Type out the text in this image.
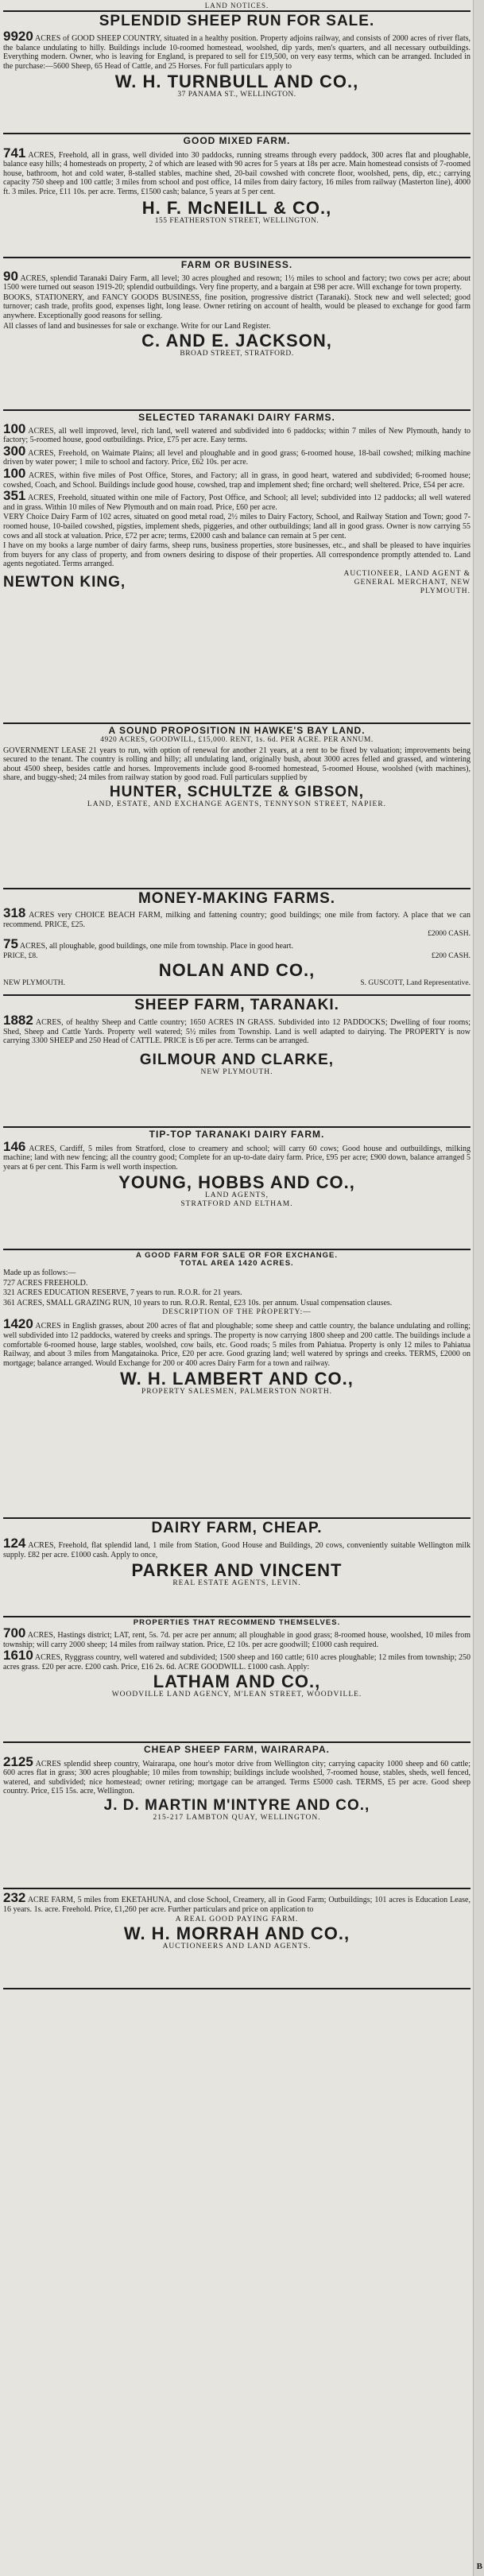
B
LAND NOTICES.
SPLENDID SHEEP RUN FOR SALE.
9920 ACRES of GOOD SHEEP COUNTRY, situated in a healthy position. Property adjoins railway, and consists of 2000 acres of river flats, the balance undulating to hilly. Buildings include 10-roomed homestead, woolshed, dip yards, men's quarters, and all necessary outbuildings. Everything modern. Owner, who is leaving for England, is prepared to sell for £19,500, on very easy terms, which can be arranged. Included in the purchase:—5600 Sheep, 65 Head of Cattle, and 25 Horses. For full particulars apply to
W. H. TURNBULL AND CO.,
37 PANAMA ST., WELLINGTON.
GOOD MIXED FARM.
741 ACRES, Freehold, all in grass, well divided into 30 paddocks, running streams through every paddock, 300 acres flat and ploughable, balance easy hills; 4 homesteads on property, 2 of which are leased with 90 acres for 5 years at 18s per acre. Main homestead consists of 7-roomed house, bathroom, hot and cold water, 8-stalled stables, machine shed, 20-bail cowshed with concrete floor, woolshed, pens, dip, etc.; carrying capacity 750 sheep and 100 cattle; 3 miles from school and post office, 14 miles from dairy factory, 16 miles from railway (Masterton line), 4000 ft. 3 miles. Price, £11 10s. per acre. Terms, £1500 cash; balance, 5 years at 5 per cent.
H. F. McNEILL & CO.,
155 FEATHERSTON STREET, WELLINGTON.
FARM OR BUSINESS.
90 ACRES, splendid Taranaki Dairy Farm, all level; 30 acres ploughed and resown; 1½ miles to school and factory; two cows per acre; about 1500 were turned out season 1919-20; splendid outbuildings. Very fine property, and a bargain at £98 per acre. Will exchange for town property.
BOOKS, STATIONERY, and FANCY GOODS BUSINESS, fine position, progressive district (Taranaki). Stock new and well selected; good turnover; cash trade, profits good, expenses light, long lease. Owner retiring on account of health, would be pleased to exchange for good farm anywhere. Exceptionally good reasons for selling.
All classes of land and businesses for sale or exchange. Write for our Land Register.
C. AND E. JACKSON,
BROAD STREET, STRATFORD.
SELECTED TARANAKI DAIRY FARMS.
100 ACRES, all well improved, level, rich land, well watered and subdivided into 6 paddocks; within 7 miles of New Plymouth, handy to factory; 5-roomed house, good outbuildings. Price, £75 per acre. Easy terms.
300 ACRES, Freehold, on Waimate Plains; all level and ploughable and in good grass; 6-roomed house, 18-bail cowshed; milking machine driven by water power; 1 mile to school and factory. Price, £62 10s. per acre.
100 ACRES, within five miles of Post Office, Stores, and Factory; all in grass, in good heart, watered and subdivided; 6-roomed house; cowshed, Coach, and School. Buildings include good house, cowshed, trap and implement shed; fine orchard; well sheltered. Price, £54 per acre.
351 ACRES, Freehold, situated within one mile of Factory, Post Office, and School; all level; subdivided into 12 paddocks; all well watered and in grass. Within 10 miles of New Plymouth and on main road. Price, £60 per acre.
VERY Choice Dairy Farm of 102 acres, situated on good metal road, 2½ miles to Dairy Factory, School, and Railway Station and Town; good 7-roomed house, 10-bailed cowshed, pigsties, implement sheds, piggeries, and other outbuildings; land all in good grass. Owner is now carrying 55 cows and all stock at valuation. Price, £72 per acre; terms, £2000 cash and balance can remain at 5 per cent.
I have on my books a large number of dairy farms, sheep runs, business properties, store businesses, etc., and shall be pleased to have inquiries from buyers for any class of property, and from owners desiring to dispose of their properties. All correspondence promptly attended to. Land agents negotiated. Terms arranged.
NEWTON KING,
AUCTIONEER, LAND AGENT & GENERAL MERCHANT, NEW PLYMOUTH.
A SOUND PROPOSITION IN HAWKE'S BAY LAND.
4920 ACRES, GOODWILL, £15,000. RENT, 1s. 6d. PER ACRE. PER ANNUM.
GOVERNMENT LEASE 21 years to run, with option of renewal for another 21 years, at a rent to be fixed by valuation; improvements being secured to the tenant. The country is rolling and hilly; all undulating land, originally bush, about 3000 acres felled and grassed, and wintering about 4500 sheep, besides cattle and horses. Improvements include good 8-roomed homestead, 5-roomed House, woolshed (with machines), share, and buggy-shed; 24 miles from railway station by good road. Full particulars supplied by
HUNTER, SCHULTZE & GIBSON,
LAND, ESTATE, AND EXCHANGE AGENTS, TENNYSON STREET, NAPIER.
MONEY-MAKING FARMS.
318 ACRES very CHOICE BEACH FARM, milking and fattening country; good buildings; one mile from factory. A place that we can recommend. PRICE, £25.
£2000 CASH.
75 ACRES, all ploughable, good buildings, one mile from township. Place in good heart.
PRICE, £8.	£200 CASH.
NOLAN AND CO.,
NEW PLYMOUTH.	S. GUSCOTT, Land Representative.
SHEEP FARM, TARANAKI.
1882 ACRES, of healthy Sheep and Cattle country; 1650 ACRES IN GRASS. Subdivided into 12 PADDOCKS; Dwelling of four rooms; Shed, Sheep and Cattle Yards. Property well watered; 5½ miles from Township. Land is well adapted to dairying. The PROPERTY is now carrying 3300 SHEEP and 250 Head of CATTLE. PRICE is £6 per acre. Terms can be arranged.
GILMOUR AND CLARKE,
NEW PLYMOUTH.
TIP-TOP TARANAKI DAIRY FARM.
146 ACRES, Cardiff, 5 miles from Stratford, close to creamery and school; will carry 60 cows; Good house and outbuildings, milking machine; land with new fencing; all the country good; Complete for an up-to-date dairy farm. Price, £95 per acre; £900 down, balance arranged 5 years at 6 per cent. This Farm is well worth inspection.
YOUNG, HOBBS AND CO.,
LAND AGENTS,
STRATFORD AND ELTHAM.
A GOOD FARM FOR SALE OR FOR EXCHANGE.
TOTAL AREA 1420 ACRES.
Made up as follows:—
727 ACRES FREEHOLD.
321 ACRES EDUCATION RESERVE, 7 years to run. R.O.R. for 21 years.
361 ACRES, SMALL GRAZING RUN, 10 years to run. R.O.R. Rental, £23 10s. per annum. Usual compensation clauses.
DESCRIPTION OF THE PROPERTY:—
1420 ACRES in English grasses, about 200 acres of flat and ploughable; some sheep and cattle country, the balance undulating and rolling; well subdivided into 12 paddocks, watered by creeks and springs. The property is now carrying 1800 sheep and 200 cattle. The buildings include a comfortable 6-roomed house, large stables, woolshed, cow bails, etc. Good roads; 5 miles from Pahiatua. Property is only 12 miles to Pahiatua Railway, and about 3 miles from Mangatainoka. Price, £20 per acre. Good grazing land; well watered by springs and creeks. TERMS, £2000 on mortgage; balance arranged. Would Exchange for 200 or 400 acres Dairy Farm for a town and railway.
W. H. LAMBERT AND CO.,
PROPERTY SALESMEN, PALMERSTON NORTH.
DAIRY FARM, CHEAP.
124 ACRES, Freehold, flat splendid land, 1 mile from Station, Good House and Buildings, 20 cows, conveniently suitable Wellington milk supply. £82 per acre. £1000 cash. Apply to once,
PARKER AND VINCENT
REAL ESTATE AGENTS, LEVIN.
PROPERTIES THAT RECOMMEND THEMSELVES.
700 ACRES, Hastings district; LAT, rent, 5s. 7d. per acre per annum; all ploughable in good grass; 8-roomed house, woolshed, 10 miles from township; will carry 2000 sheep; 14 miles from railway station. Price, £2 10s. per acre goodwill; £1000 cash required.
1610 ACRES, Ryggrass country, well watered and subdivided; 1500 sheep and 160 cattle; 610 acres ploughable; 12 miles from township; 250 acres grass. £20 per acre. £200 cash. Price, £16 2s. 6d. ACRE GOODWILL. £1000 cash. Apply:
LATHAM AND CO.,
WOODVILLE LAND AGENCY, M'LEAN STREET, WOODVILLE.
CHEAP SHEEP FARM, WAIRARAPA.
2125 ACRES splendid sheep country, Wairarapa, one hour's motor drive from Wellington city; carrying capacity 1000 sheep and 60 cattle; 600 acres flat in grass; 300 acres ploughable; 10 miles from township; buildings include woolshed, 7-roomed house, stables, sheds, well fenced, watered, and subdivided; nice homestead; owner retiring; mortgage can be arranged. Terms £5000 cash. TERMS, £5 per acre. Good sheep country. Price, £15 15s. acre, Wellington.
J. D. MARTIN M'INTYRE AND CO.,
215-217 LAMBTON QUAY, WELLINGTON.
232 ACRE FARM, 5 miles from EKETAHUNA, and close School, Creamery, all in Good Farm; Outbuildings; 101 acres is Education Lease, 16 years. 1s. acre. Freehold. Price, £1,260 per acre. Further particulars and price on application to
A REAL GOOD PAYING FARM.
W. H. MORRAH AND CO.,
AUCTIONEERS AND LAND AGENTS.
